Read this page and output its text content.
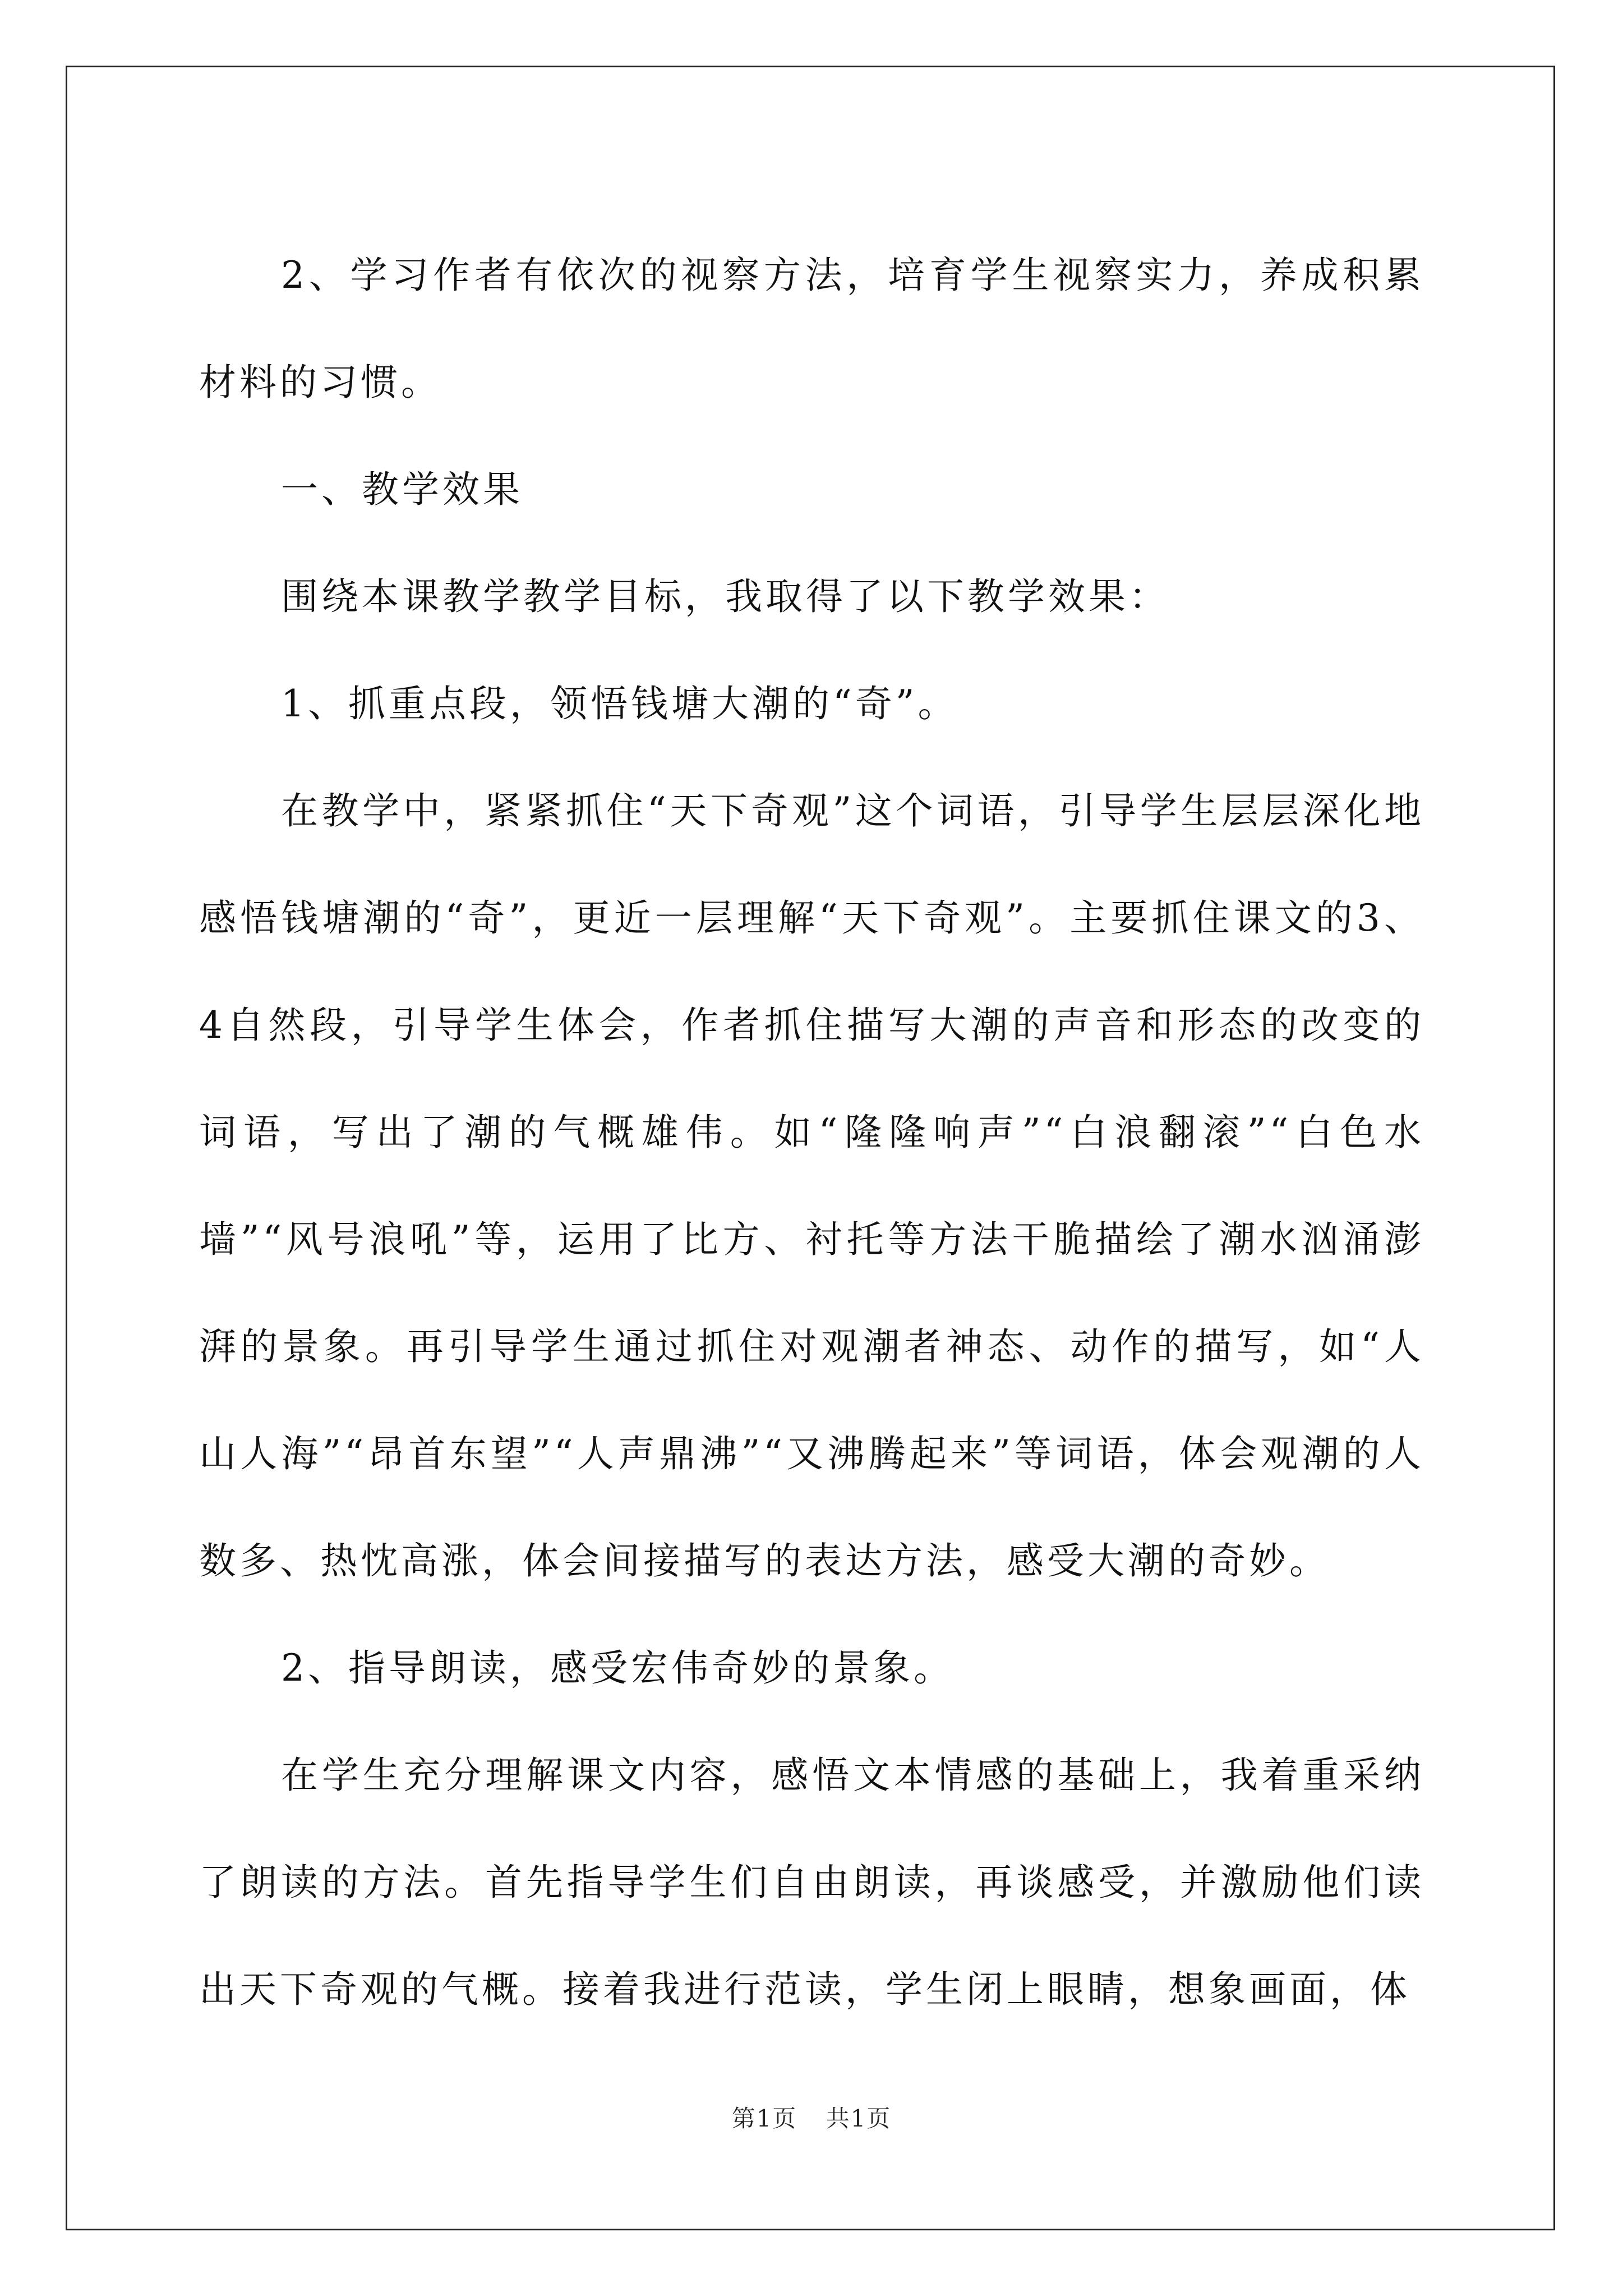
2、学习作者有依次的视察方法，培育学生视察实力，养成积累材料的习惯。

一、教学效果

围绕本课教学教学目标，我取得了以下教学效果：

1、抓重点段，领悟钱塘大潮的“奇”。

在教学中，紧紧抓住“天下奇观”这个词语，引导学生层层深化地感悟钱塘潮的“奇”，更近一层理解“天下奇观”。主要抓住课文的3、4自然段，引导学生体会，作者抓住描写大潮的声音和形态的改变的词语，写出了潮的气概雄伟。如“隆隆响声”“白浪翻滚”“白色水墙”“风号浪吼”等，运用了比方、衬托等方法干脆描绘了潮水汹涌澎湃的景象。再引导学生通过抓住对观潮者神态、动作的描写，如“人山人海”“昂首东望”“人声鼎沸”“又沸腾起来”等词语，体会观潮的人数多、热忱高涨，体会间接描写的表达方法，感受大潮的奇妙。

2、指导朗读，感受宏伟奇妙的景象。

在学生充分理解课文内容，感悟文本情感的基础上，我着重采纳了朗读的方法。首先指导学生们自由朗读，再谈感受，并激励他们读出天下奇观的气概。接着我进行范读，学生闭上眼睛，想象画面，体

第1页 共1页
